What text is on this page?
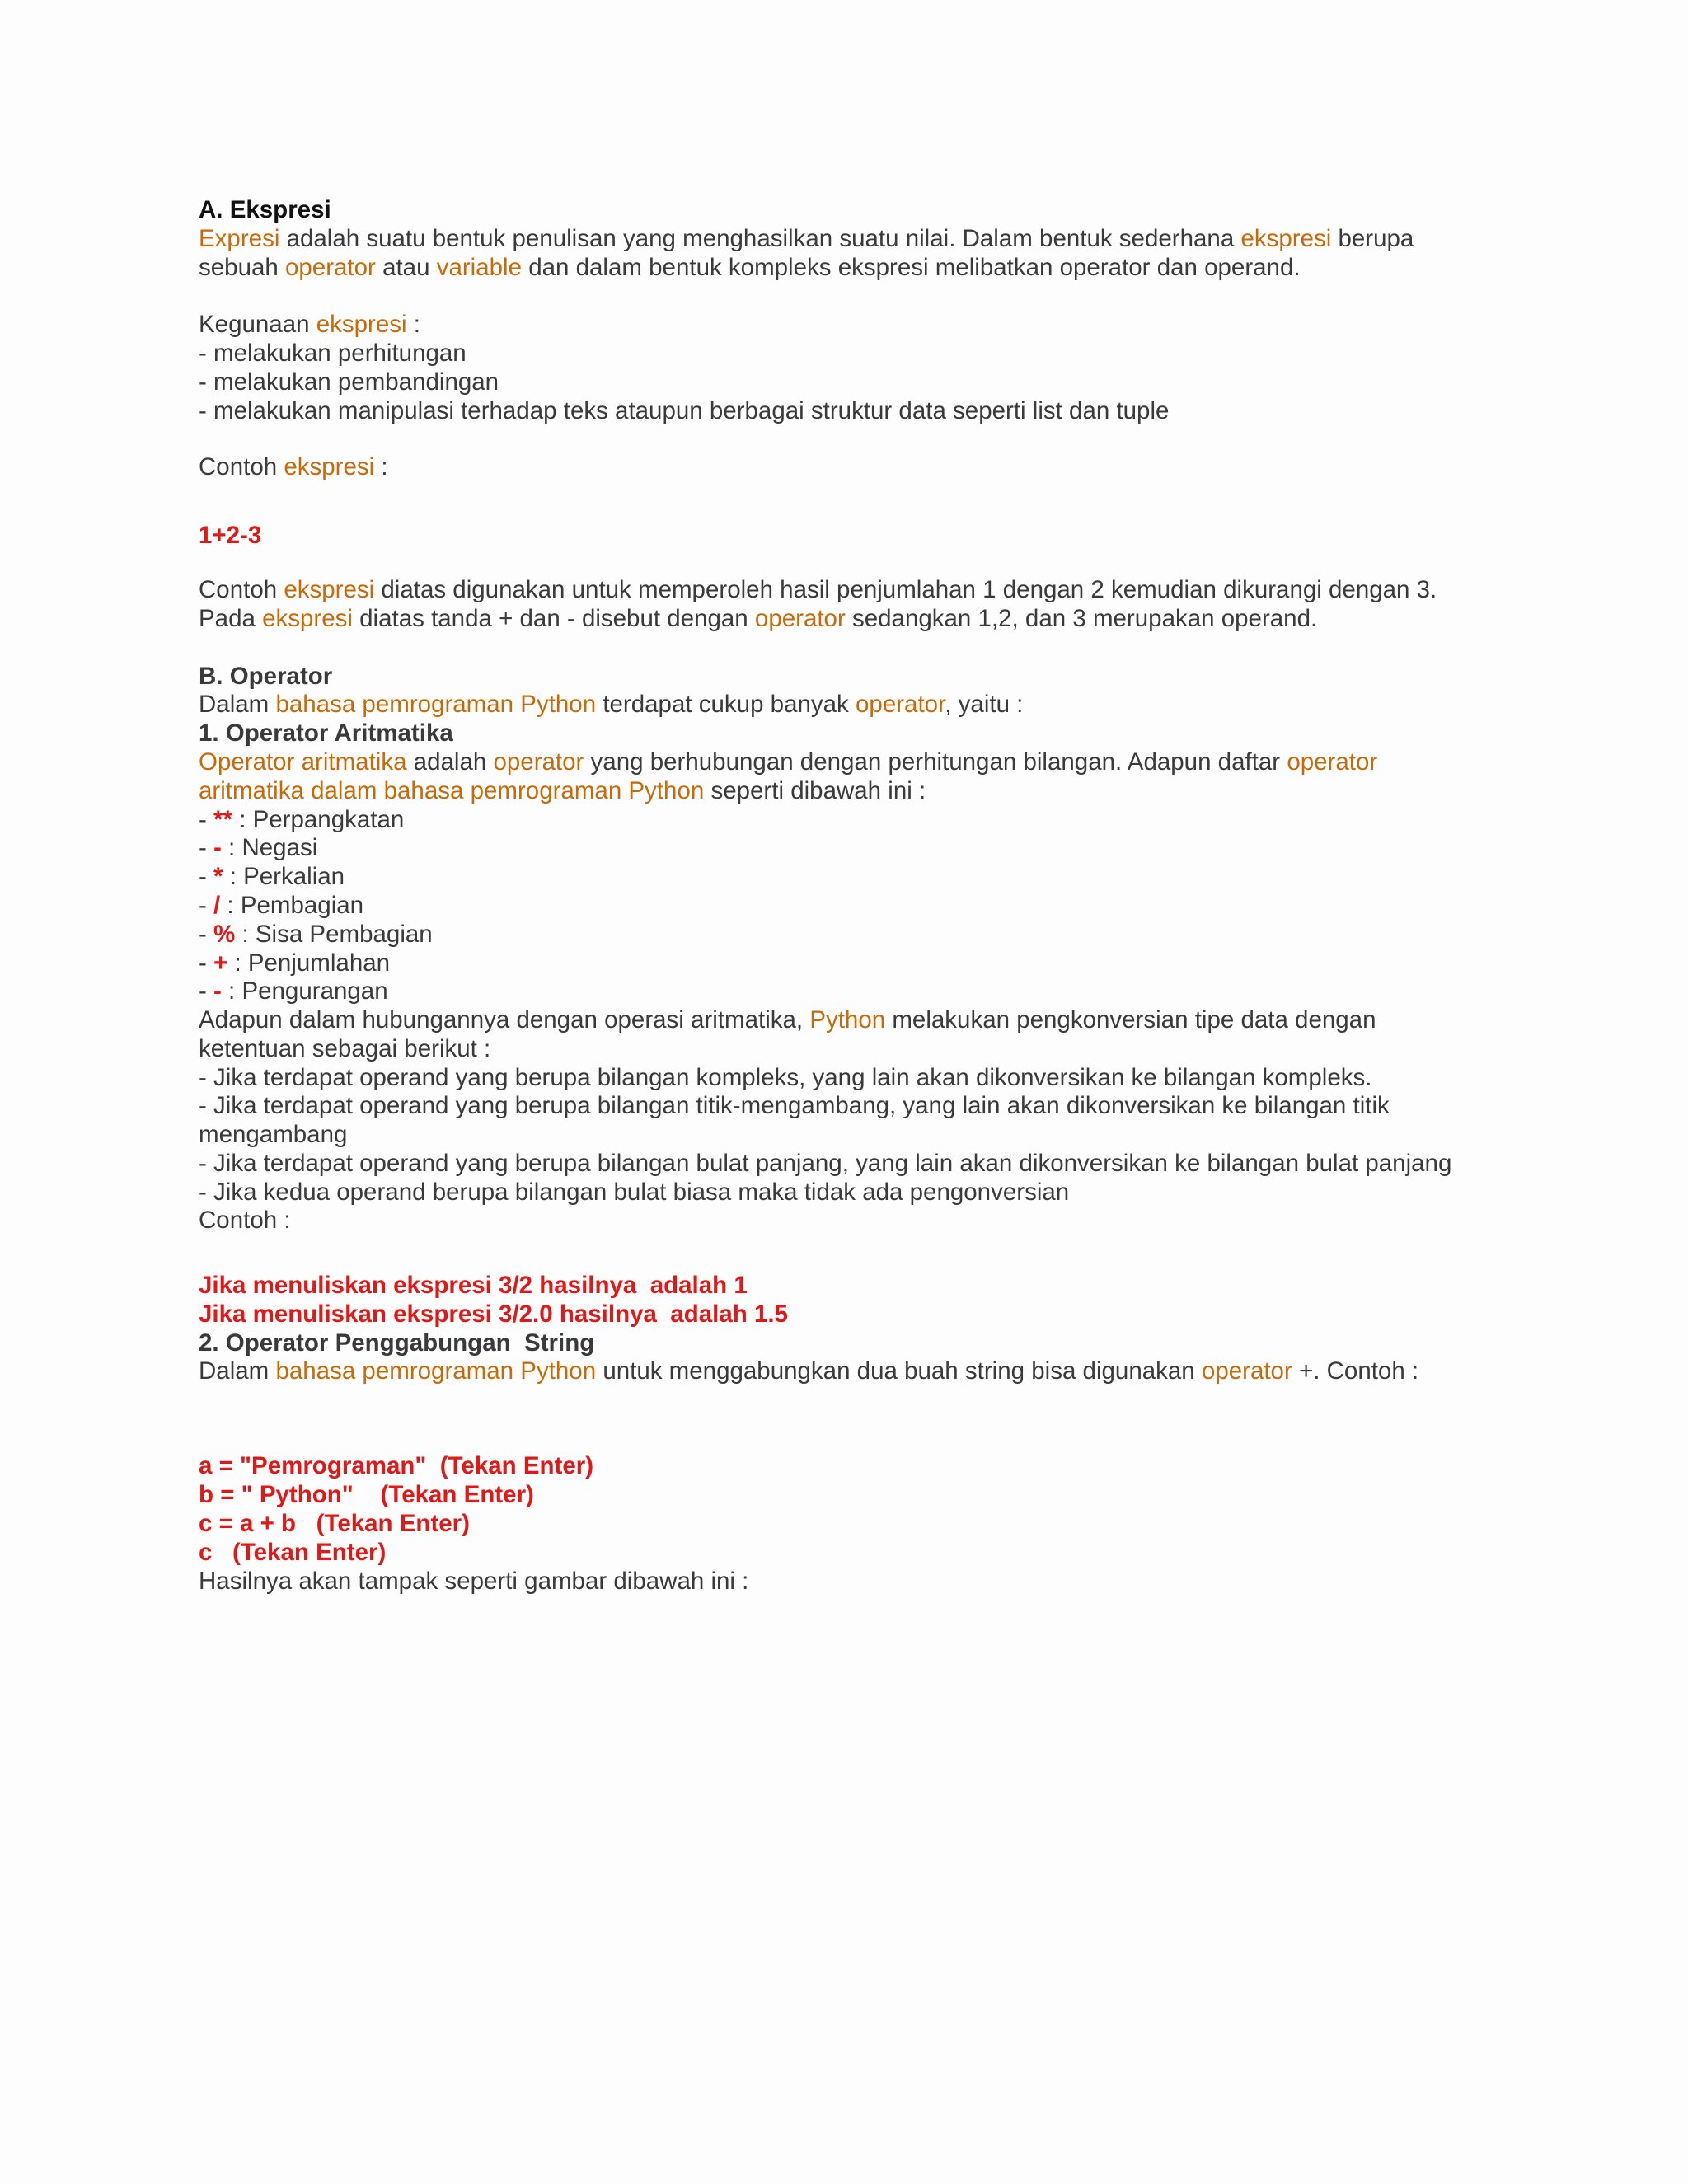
A. Ekspresi
Expresi adalah suatu bentuk penulisan yang menghasilkan suatu nilai. Dalam bentuk sederhana ekspresi berupa
sebuah operator atau variable dan dalam bentuk kompleks ekspresi melibatkan operator dan operand.
Kegunaan ekspresi :
- melakukan perhitungan
- melakukan pembandingan
- melakukan manipulasi terhadap teks ataupun berbagai struktur data seperti list dan tuple
Contoh ekspresi :
1+2-3
Contoh ekspresi diatas digunakan untuk memperoleh hasil penjumlahan 1 dengan 2 kemudian dikurangi dengan 3.
Pada ekspresi diatas tanda + dan - disebut dengan operator sedangkan 1,2, dan 3 merupakan operand.
B. Operator
Dalam bahasa pemrograman Python terdapat cukup banyak operator, yaitu :
1. Operator Aritmatika
Operator aritmatika adalah operator yang berhubungan dengan perhitungan bilangan. Adapun daftar operator
aritmatika dalam bahasa pemrograman Python seperti dibawah ini :
- ** : Perpangkatan
- - : Negasi
- * : Perkalian
- / : Pembagian
- % : Sisa Pembagian
- + : Penjumlahan
- - : Pengurangan
Adapun dalam hubungannya dengan operasi aritmatika, Python melakukan pengkonversian tipe data dengan
ketentuan sebagai berikut :
- Jika terdapat operand yang berupa bilangan kompleks, yang lain akan dikonversikan ke bilangan kompleks.
- Jika terdapat operand yang berupa bilangan titik-mengambang, yang lain akan dikonversikan ke bilangan titik
mengambang
- Jika terdapat operand yang berupa bilangan bulat panjang, yang lain akan dikonversikan ke bilangan bulat panjang
- Jika kedua operand berupa bilangan bulat biasa maka tidak ada pengonversian
Contoh :
Jika menuliskan ekspresi 3/2 hasilnya  adalah 1
Jika menuliskan ekspresi 3/2.0 hasilnya  adalah 1.5
2. Operator Penggabungan  String
Dalam bahasa pemrograman Python untuk menggabungkan dua buah string bisa digunakan operator +. Contoh :
a = "Pemrograman"  (Tekan Enter)
b = " Python"    (Tekan Enter)
c = a + b   (Tekan Enter)
c   (Tekan Enter)
Hasilnya akan tampak seperti gambar dibawah ini :
